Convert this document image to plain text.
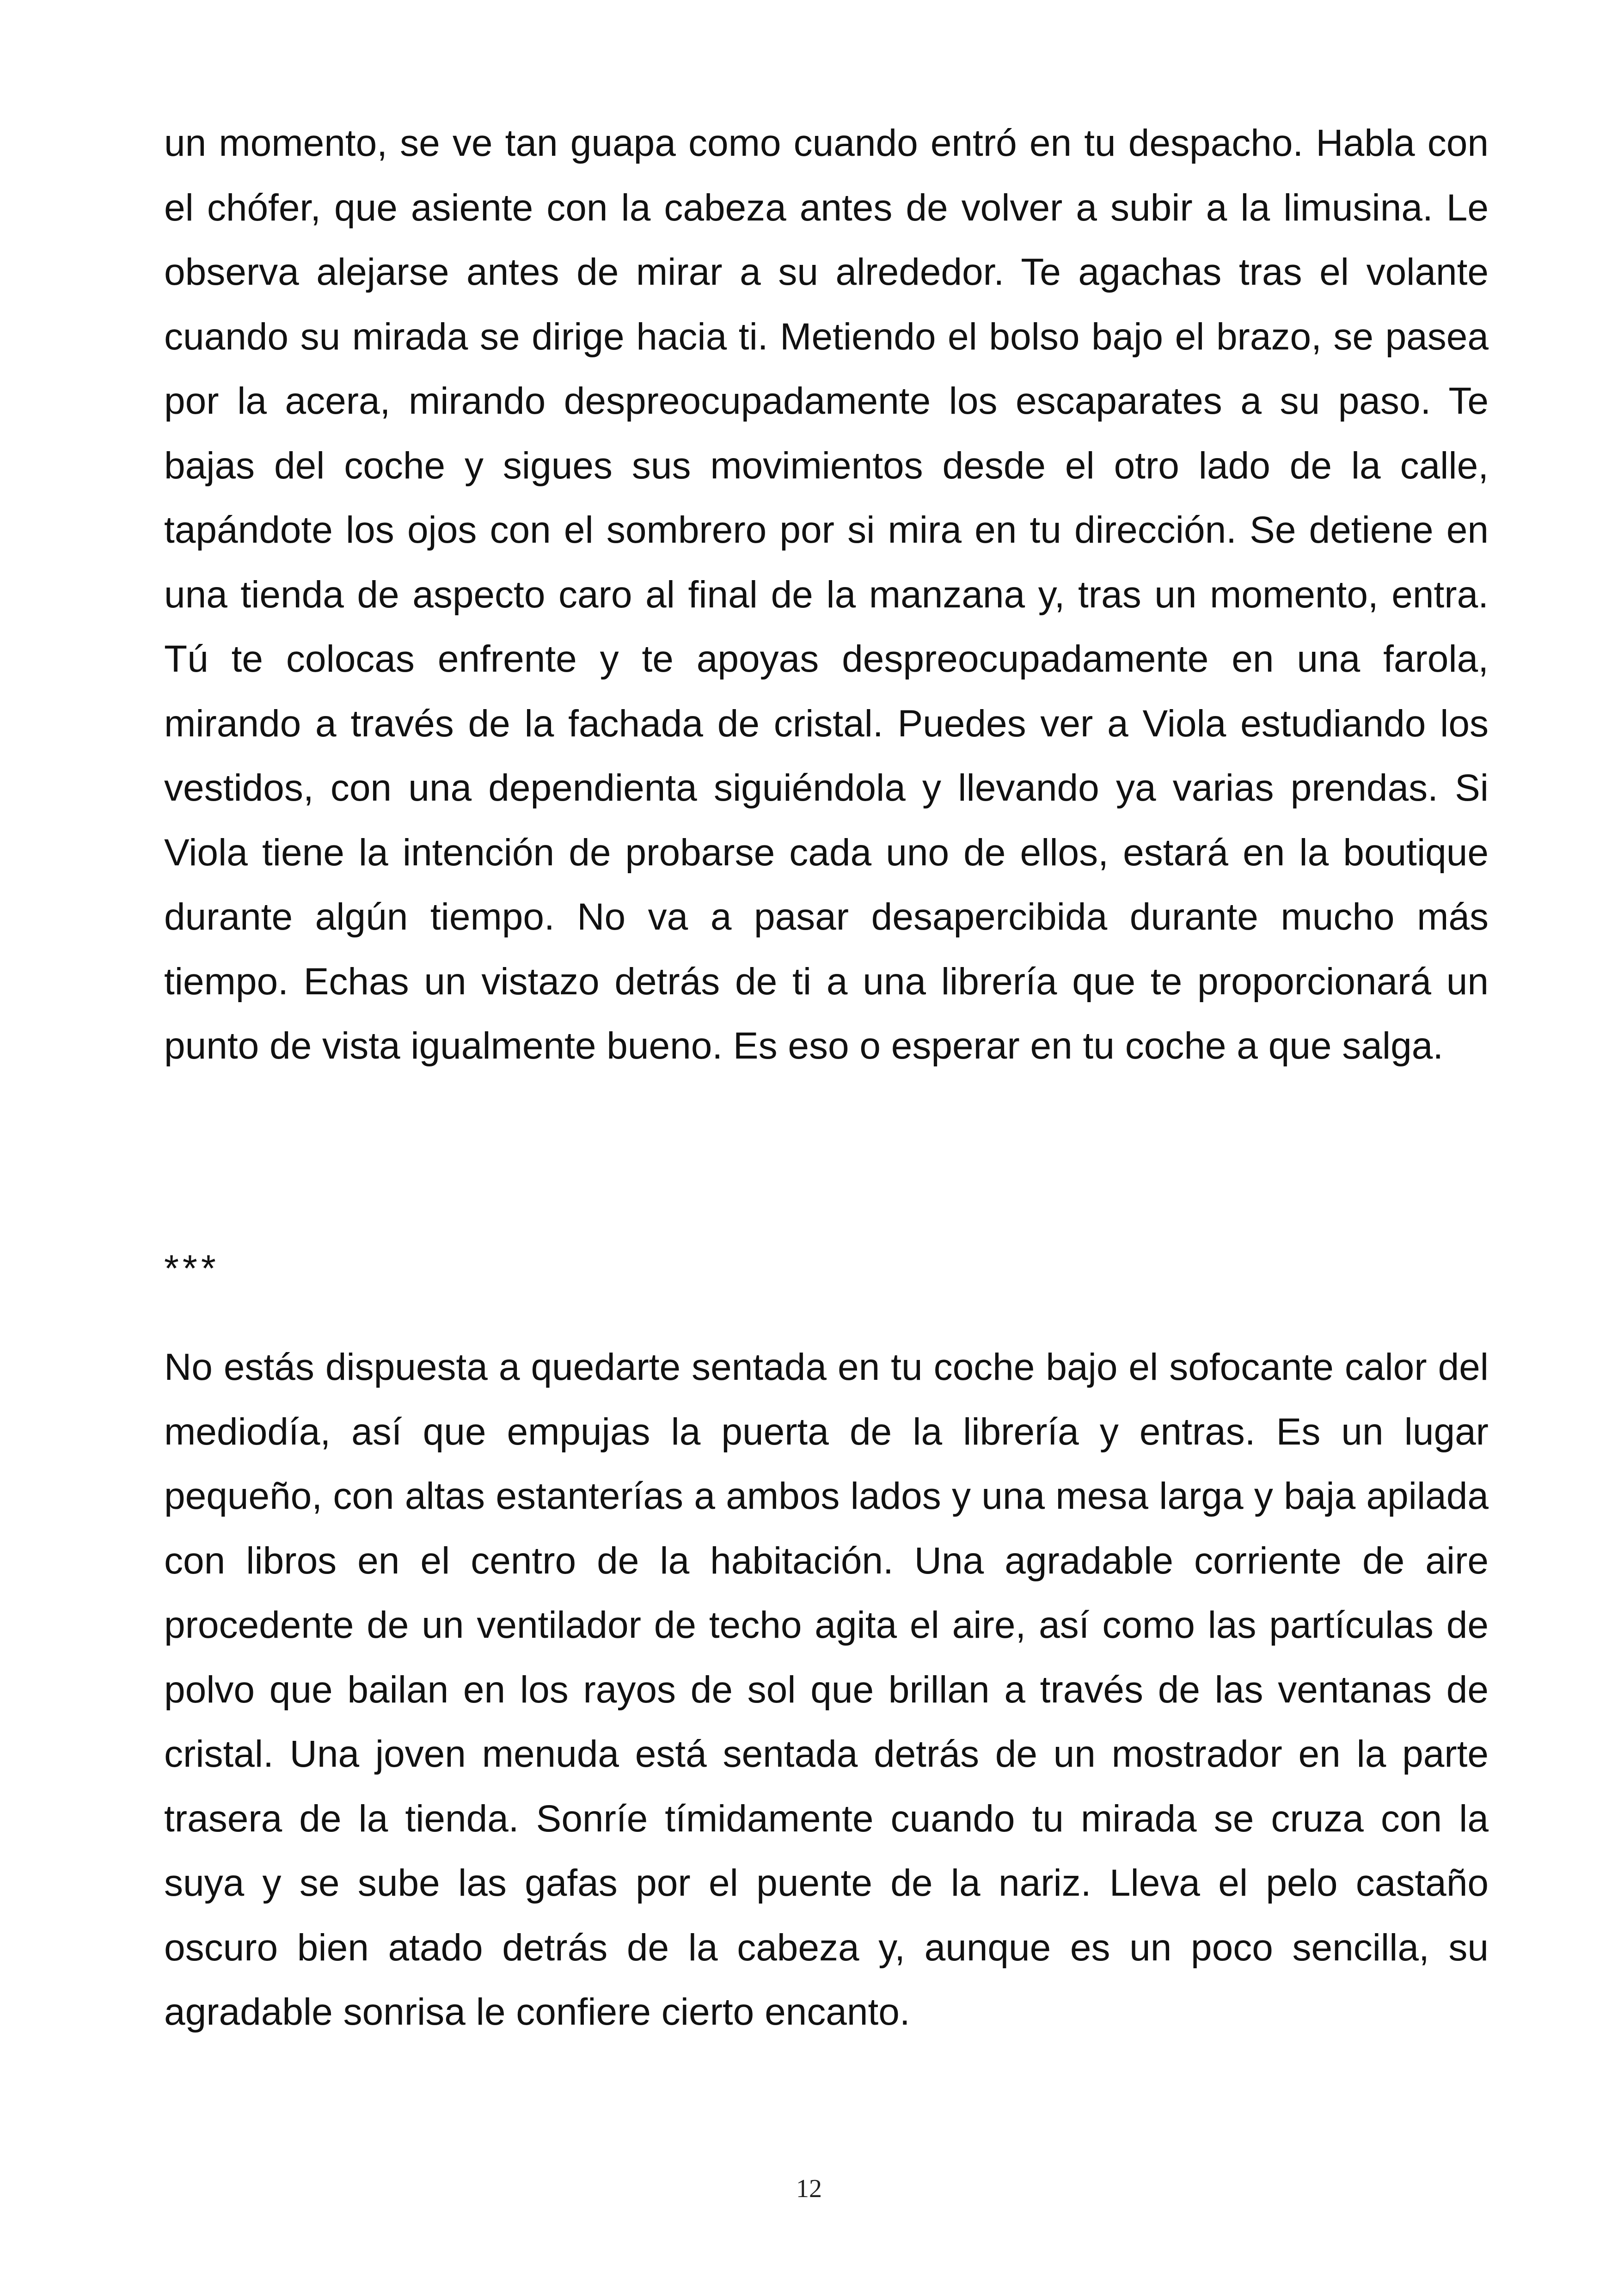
un momento, se ve tan guapa como cuando entró en tu despacho. Habla con el chófer, que asiente con la cabeza antes de volver a subir a la limusina. Le observa alejarse antes de mirar a su alrededor. Te agachas tras el volante cuando su mirada se dirige hacia ti. Metiendo el bolso bajo el brazo, se pasea por la acera, mirando despreocupadamente los escaparates a su paso. Te bajas del coche y sigues sus movimientos desde el otro lado de la calle, tapándote los ojos con el sombrero por si mira en tu dirección. Se detiene en una tienda de aspecto caro al final de la manzana y, tras un momento, entra. Tú te colocas enfrente y te apoyas despreocupadamente en una farola, mirando a través de la fachada de cristal. Puedes ver a Viola estudiando los vestidos, con una dependienta siguiéndola y llevando ya varias prendas. Si Viola tiene la intención de probarse cada uno de ellos, estará en la boutique durante algún tiempo. No va a pasar desapercibida durante mucho más tiempo. Echas un vistazo detrás de ti a una librería que te proporcionará un punto de vista igualmente bueno. Es eso o esperar en tu coche a que salga.

***

No estás dispuesta a quedarte sentada en tu coche bajo el sofocante calor del mediodía, así que empujas la puerta de la librería y entras. Es un lugar pequeño, con altas estanterías a ambos lados y una mesa larga y baja apilada con libros en el centro de la habitación. Una agradable corriente de aire procedente de un ventilador de techo agita el aire, así como las partículas de polvo que bailan en los rayos de sol que brillan a través de las ventanas de cristal. Una joven menuda está sentada detrás de un mostrador en la parte trasera de la tienda. Sonríe tímidamente cuando tu mirada se cruza con la suya y se sube las gafas por el puente de la nariz. Lleva el pelo castaño oscuro bien atado detrás de la cabeza y, aunque es un poco sencilla, su agradable sonrisa le confiere cierto encanto.

12
